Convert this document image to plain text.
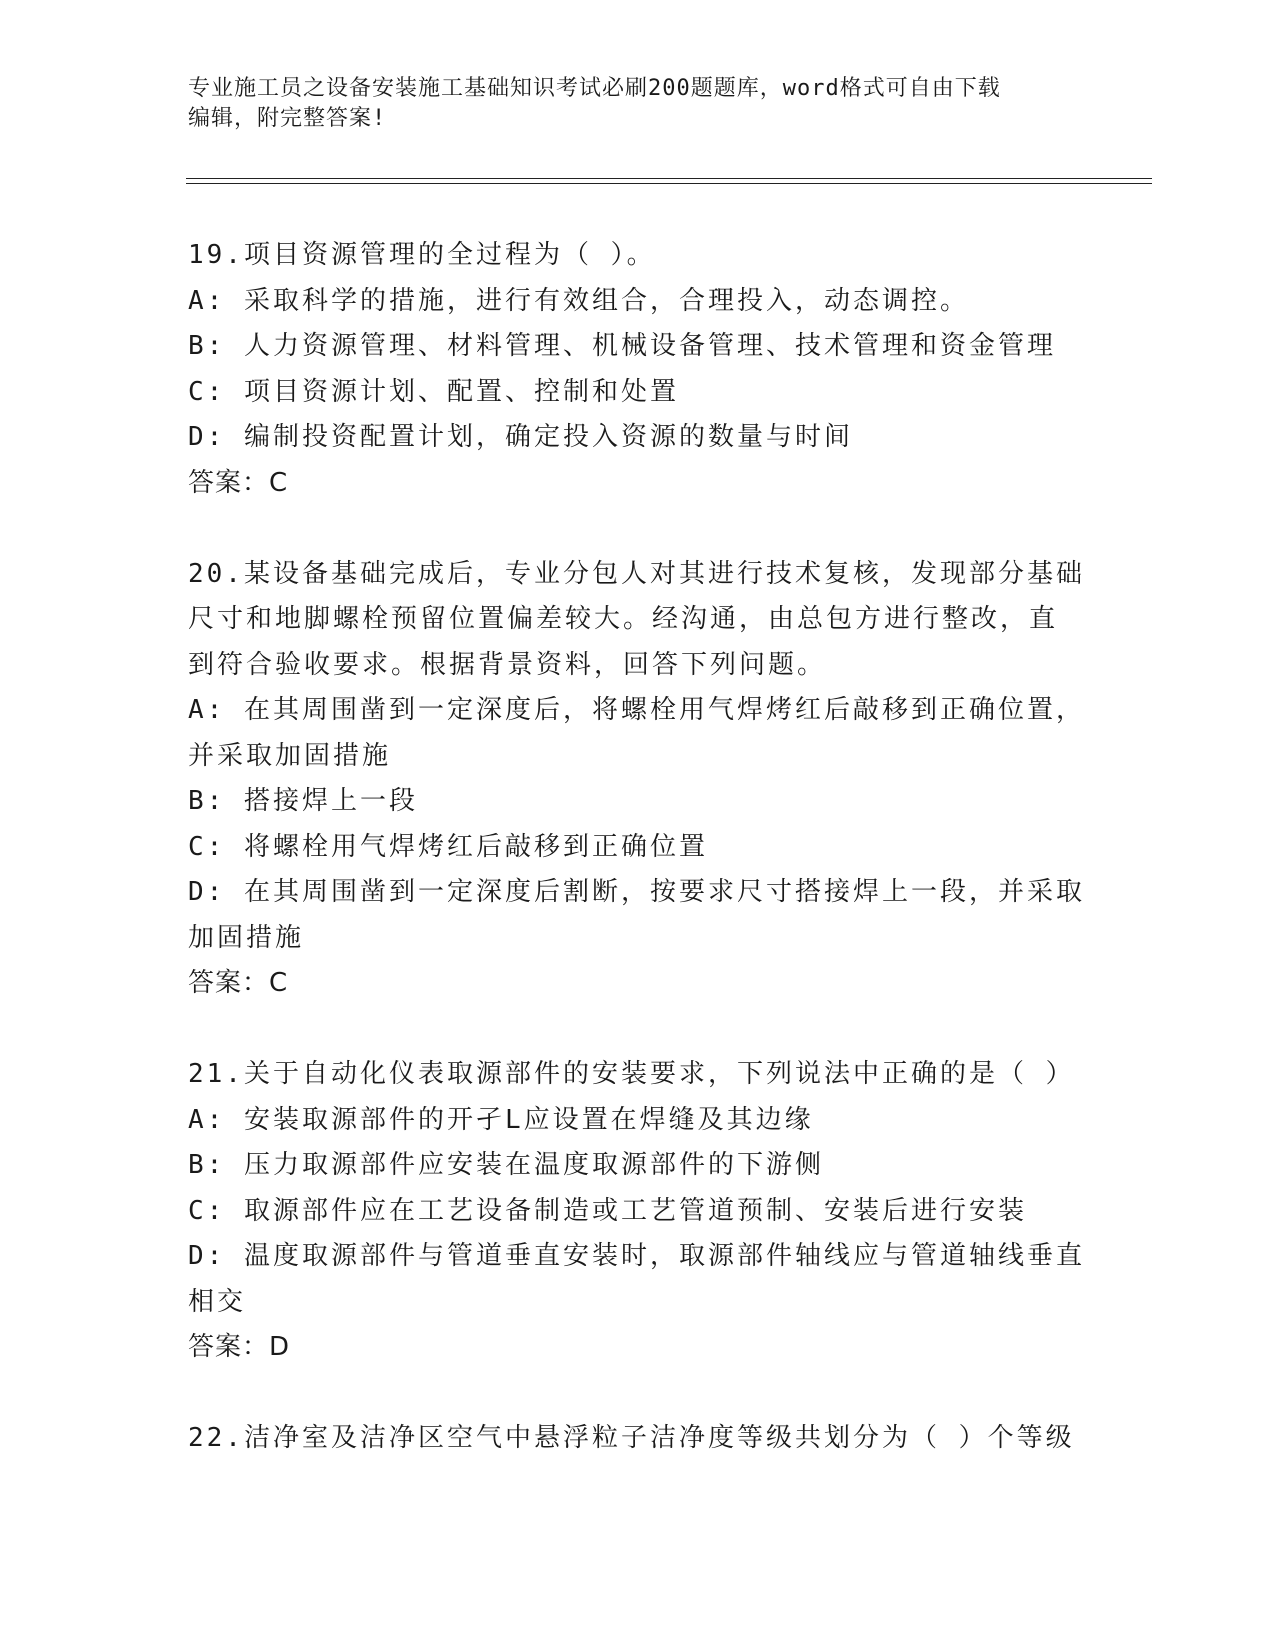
专业施工员之设备安装施工基础知识考试必刷200题题库，word格式可自由下载
编辑，附完整答案!
19.项目资源管理的全过程为（ ）。
A: 采取科学的措施，进行有效组合，合理投入，动态调控。
B: 人力资源管理、材料管理、机械设备管理、技术管理和资金管理
C: 项目资源计划、配置、控制和处置
D: 编制投资配置计划，确定投入资源的数量与时间
答案：C
20.某设备基础完成后，专业分包人对其进行技术复核，发现部分基础
尺寸和地脚螺栓预留位置偏差较大。经沟通，由总包方进行整改，直
到符合验收要求。根据背景资料，回答下列问题。
A: 在其周围凿到一定深度后，将螺栓用气焊烤红后敲移到正确位置，
并采取加固措施
B: 搭接焊上一段
C: 将螺栓用气焊烤红后敲移到正确位置
D: 在其周围凿到一定深度后割断，按要求尺寸搭接焊上一段，并采取
加固措施
答案：C
21.关于自动化仪表取源部件的安装要求，下列说法中正确的是（ ）
A: 安装取源部件的开孑L应设置在焊缝及其边缘
B: 压力取源部件应安装在温度取源部件的下游侧
C: 取源部件应在工艺设备制造或工艺管道预制、安装后进行安装
D: 温度取源部件与管道垂直安装时，取源部件轴线应与管道轴线垂直
相交
答案：D
22.洁净室及洁净区空气中悬浮粒子洁净度等级共划分为（ ）个等级
